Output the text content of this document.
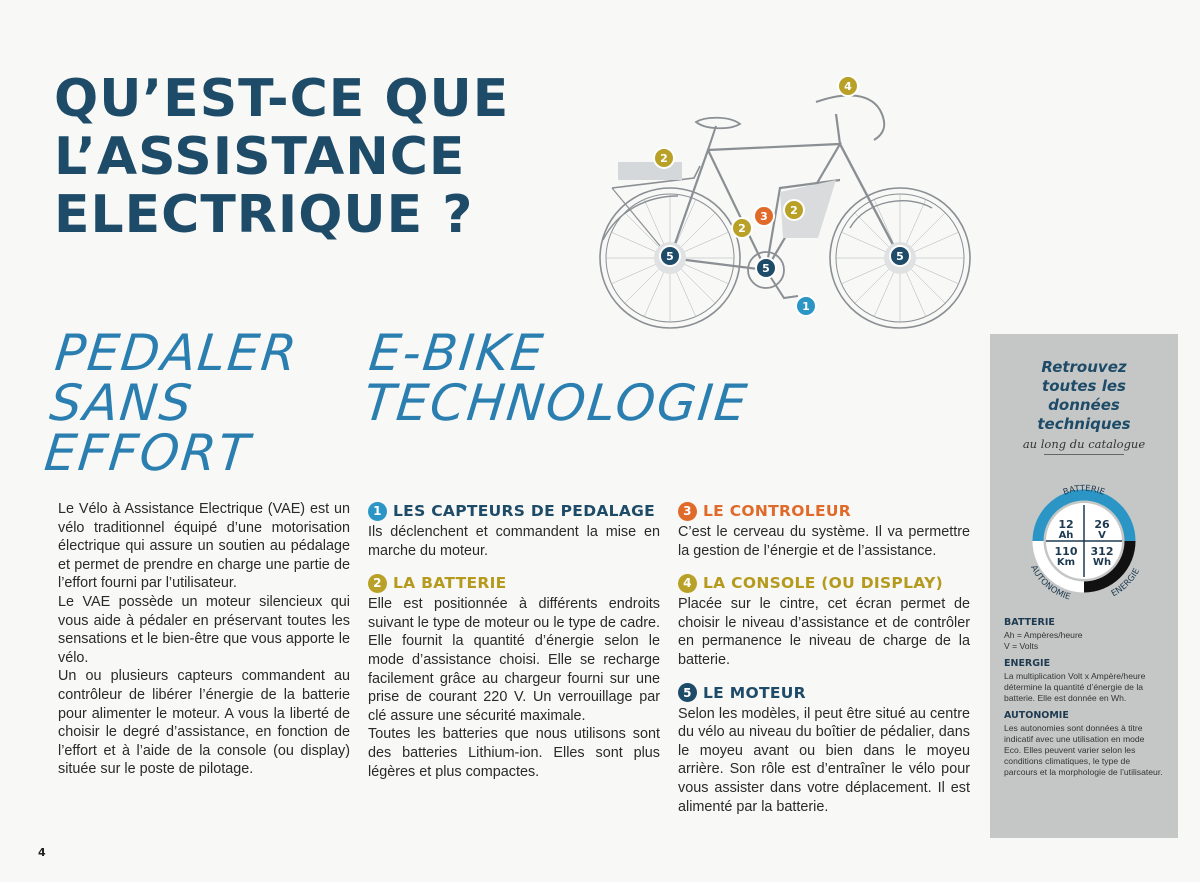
QU’EST-CE QUE
L’ASSISTANCE
ELECTRIQUE ?
1
2
2
2
3
4
5
5
5
PEDALER
SANS
EFFORT
E-BIKE
TECHNOLOGIE

Le Vélo à Assistance Electrique (VAE) est un vélo traditionnel équipé d’une motorisation électrique qui assure un soutien au pédalage et permet de prendre en charge une partie de l’effort fourni par l’utilisateur.

Le VAE possède un moteur silencieux qui vous aide à pédaler en préservant toutes les sensations et le bien-être que vous apporte le vélo.

Un ou plusieurs capteurs commandent au contrôleur de libérer l’énergie de la batterie pour alimenter le moteur. A vous la liberté de choisir le degré d’assistance, en fonction de l’effort et à l’aide de la console (ou display) située sur le poste de pilotage.

1 LES CAPTEURS DE PEDALAGE

Ils déclenchent et commandent la mise en marche du moteur.

2 LA BATTERIE

Elle est positionnée à différents endroits suivant le type de moteur ou le type de cadre. Elle fournit la quantité d’énergie selon le mode d’assistance choisi. Elle se recharge facilement grâce au chargeur fourni sur une prise de courant 220 V. Un verrouillage par clé assure une sécurité maximale.

Toutes les batteries que nous utilisons sont des batteries Lithium-ion. Elles sont plus légères et plus compactes.

3 LE CONTROLEUR

C’est le cerveau du système. Il va permettre la gestion de l’énergie et de l’assistance.

4 LA CONSOLE (OU DISPLAY)

Placée sur le cintre, cet écran permet de choisir le niveau d’assistance et de contrôler en permanence le niveau de charge de la batterie.

5 LE MOTEUR

Selon les modèles, il peut être situé au centre du vélo au niveau du boîtier de pédalier, dans le moyeu avant ou bien dans le moyeu arrière. Son rôle est d’entraîner le vélo pour vous assister dans votre déplacement. Il est alimenté par la batterie.

Retrouvez
toutes les données
techniques
au long du catalogue
12
Ah
26
V
110
Km
312
Wh
BATTERIE
AUTONOMIE	ENERGIE
BATTERIE

Ah = Ampères/heure

V = Volts

ENERGIE

La multiplication Volt x Ampère/heure détermine la quantité d’énergie de la batterie. Elle est donnée en Wh.

AUTONOMIE

Les autonomies sont données à titre indicatif avec une utilisation en mode Eco. Elles peuvent varier selon les conditions climatiques, le type de parcours et la morphologie de l’utilisateur.

4
